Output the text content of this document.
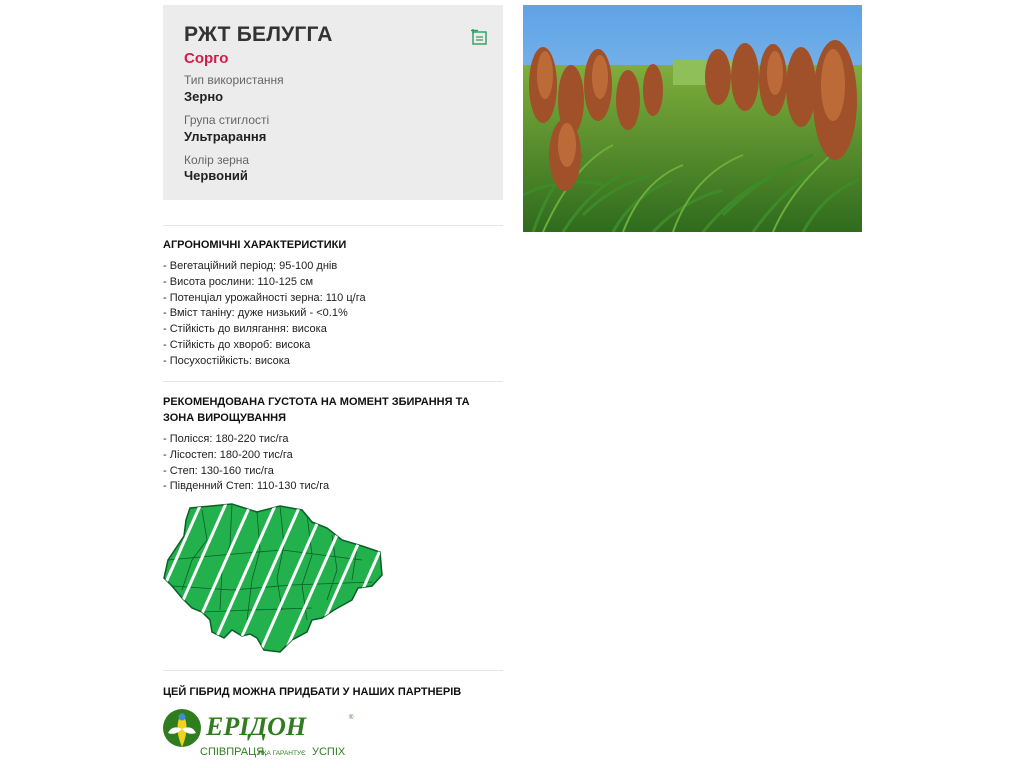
РЖТ БЕЛУГГА
Сорго
Тип використання
Зерно
Група стиглості
Ультрарання
Колір зерна
Червоний
АГРОНОМІЧНІ ХАРАКТЕРИСТИКИ
- Вегетаційний період: 95-100 днів
- Висота рослини: 110-125 см
- Потенціал урожайності зерна: 110 ц/га
- Вміст таніну: дуже низький - <0.1%
- Стійкість до вилягання: висока
- Стійкість до хвороб: висока
- Посухостійкість: висока
РЕКОМЕНДОВАНА ГУСТОТА НА МОМЕНТ ЗБИРАННЯ ТА ЗОНА ВИРОЩУВАННЯ
- Полісся: 180-220 тис/га
- Лісостеп: 180-200 тис/га
- Степ: 130-160 тис/га
- Південний Степ: 110-130 тис/га
ЦЕЙ ГІБРИД МОЖНА ПРИДБАТИ У НАШИХ ПАРТНЕРІВ
ЕРІДОН	®
СПІВПРАЦЯ,
ЯКА ГАРАНТУЄ УСПІХ
